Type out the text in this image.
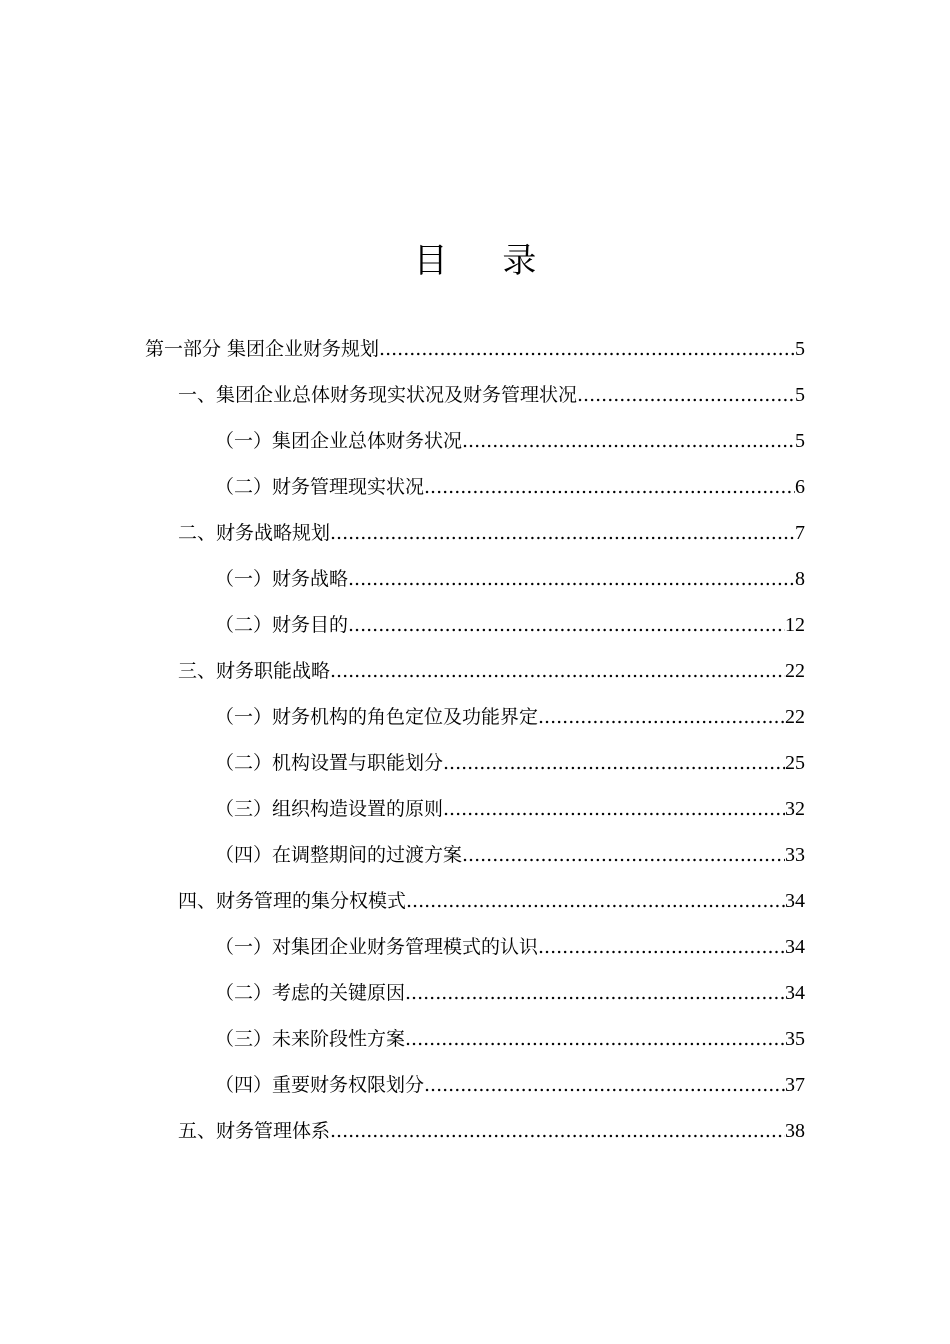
目 录
第一部分 集团企业财务规划 .....	5
一、集团企业总体财务现实状况及财务管理状况 .....	5
（一）集团企业总体财务状况 .....	5
（二）财务管理现实状况 .....	6
二、财务战略规划 .....	7
（一）财务战略 .....	8
（二）财务目的 .....	12
三、财务职能战略 .....	22
（一）财务机构的角色定位及功能界定 .....	22
（二）机构设置与职能划分 .....	25
（三）组织构造设置的原则 .....	32
（四）在调整期间的过渡方案 .....	33
四、财务管理的集分权模式 .....	34
（一）对集团企业财务管理模式的认识 .....	34
（二）考虑的关键原因 .....	34
（三）未来阶段性方案 .....	35
（四）重要财务权限划分 .....	37
五、财务管理体系 .....	38
